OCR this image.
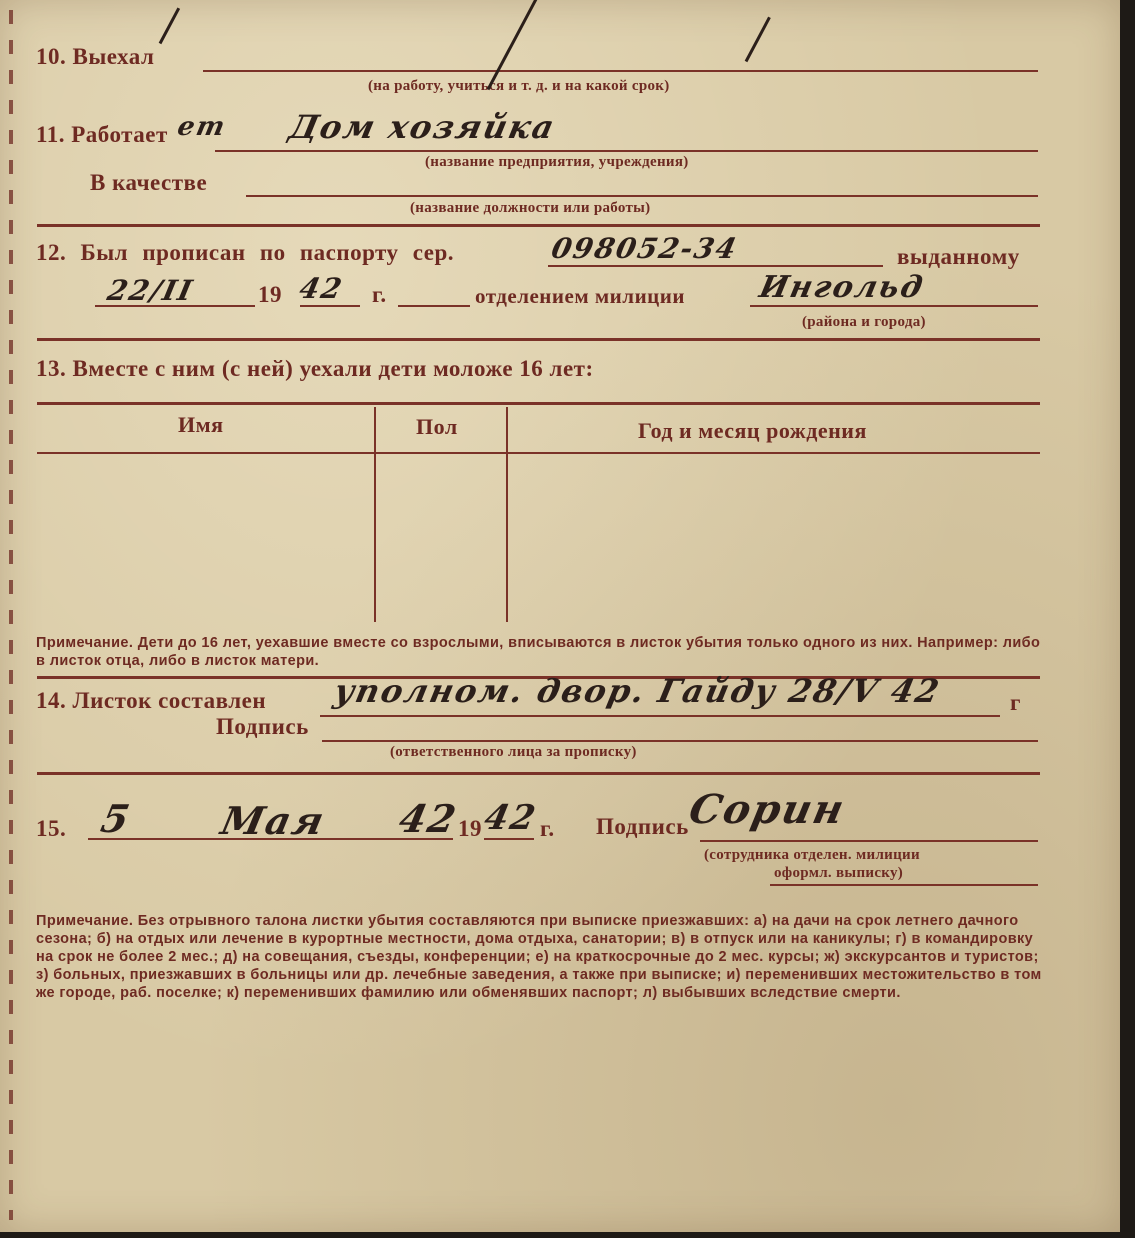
10. Выехал
(на работу, учиться и т. д. и на какой срок)
11. Работает ет Дом хозяйка
(название предприятия, учреждения)
В качестве
(название должности или работы)
12. Был прописан по паспорту сер.	098052-34	выданному
22/II	19 42 г.	отделением милиции Ингольд
(района и города)
13. Вместе с ним (с ней) уехали дети моложе 16 лет:
Имя	Пол	Год и месяц рождения
Примечание. Дети до 16 лет, уехавшие вместе со взрослыми, вписываются в листок убытия только одного из них. Например: либо в листок отца, либо в листок матери.
14. Листок составлен уполном. двор. Гайду 28/V 42	г
Подпись
(ответственного лица за прописку)
15. 5 Мая 42
19
42 г. Подпись
Сорин
(сотрудника отделен. милиции
оформл. выписку)
Примечание. Без отрывного талона листки убытия составляются при выписке приезжавших: а) на дачи на срок летнего дачного сезона; б) на отдых или лечение в курортные местности, дома отдыха, санатории; в) в отпуск или на каникулы; г) в командировку на срок не более 2 мес.; д) на совещания, съезды, конференции; е) на краткосрочные до 2 мес. курсы; ж) экскурсантов и туристов; з) больных, приезжавших в больницы или др. лечебные заведения, а также при выписке; и) переменивших местожительство в том же городе, раб. поселке; к) переменивших фамилию или обменявших паспорт; л) выбывших вследствие смерти.
